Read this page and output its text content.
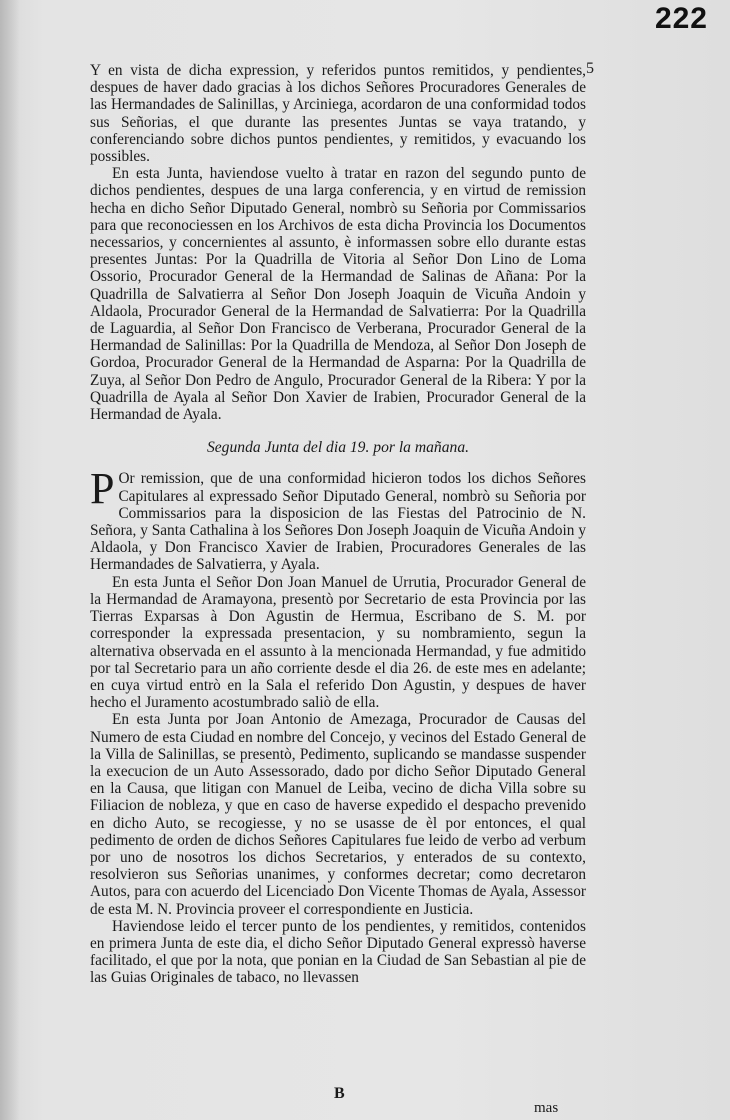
222
5

Y en vista de dicha expression, y referidos puntos remitidos, y pendientes, despues de haver dado gracias à los dichos Señores Procuradores Generales de las Hermandades de Salinillas, y Arciniega, acordaron de una conformidad todos sus Señorias, el que durante las presentes Juntas se vaya tratando, y conferenciando sobre dichos puntos pendientes, y remitidos, y evacuando los possibles.

En esta Junta, haviendose vuelto à tratar en razon del segundo punto de dichos pendientes, despues de una larga conferencia, y en virtud de remission hecha en dicho Señor Diputado General, nombrò su Señoria por Commissarios para que reconociessen en los Archivos de esta dicha Provincia los Documentos necessarios, y concernientes al assunto, è informassen sobre ello durante estas presentes Juntas: Por la Quadrilla de Vitoria al Señor Don Lino de Loma Ossorio, Procurador General de la Hermandad de Salinas de Añana: Por la Quadrilla de Salvatierra al Señor Don Joseph Joaquin de Vicuña Andoin y Aldaola, Procurador General de la Hermandad de Salvatierra: Por la Quadrilla de Laguardia, al Señor Don Francisco de Verberana, Procurador General de la Hermandad de Salinillas: Por la Quadrilla de Mendoza, al Señor Don Joseph de Gordoa, Procurador General de la Hermandad de Asparna: Por la Quadrilla de Zuya, al Señor Don Pedro de Angulo, Procurador General de la Ribera: Y por la Quadrilla de Ayala al Señor Don Xavier de Irabien, Procurador General de la Hermandad de Ayala.

Segunda Junta del dia 19. por la mañana.

P Or remission, que de una conformidad hicieron todos los dichos Señores Capitulares al expressado Señor Diputado General, nombrò su Señoria por Commissarios para la disposicion de las Fiestas del Patrocinio de N. Señora, y Santa Cathalina à los Señores Don Joseph Joaquin de Vicuña Andoin y Aldaola, y Don Francisco Xavier de Irabien, Procuradores Generales de las Hermandades de Salvatierra, y Ayala.

En esta Junta el Señor Don Joan Manuel de Urrutia, Procurador General de la Hermandad de Aramayona, presentò por Secretario de esta Provincia por las Tierras Exparsas à Don Agustin de Hermua, Escribano de S. M. por corresponder la expressada presentacion, y su nombramiento, segun la alternativa observada en el assunto à la mencionada Hermandad, y fue admitido por tal Secretario para un año corriente desde el dia 26. de este mes en adelante; en cuya virtud entrò en la Sala el referido Don Agustin, y despues de haver hecho el Juramento acostumbrado saliò de ella.

En esta Junta por Joan Antonio de Amezaga, Procurador de Causas del Numero de esta Ciudad en nombre del Concejo, y vecinos del Estado General de la Villa de Salinillas, se presentò, Pedimento, suplicando se mandasse suspender la execucion de un Auto Assessorado, dado por dicho Señor Diputado General en la Causa, que litigan con Manuel de Leiba, vecino de dicha Villa sobre su Filiacion de nobleza, y que en caso de haverse expedido el despacho prevenido en dicho Auto, se recogiesse, y no se usasse de èl por entonces, el qual pedimento de orden de dichos Señores Capitulares fue leido de verbo ad verbum por uno de nosotros los dichos Secretarios, y enterados de su contexto, resolvieron sus Señorias unanimes, y conformes decretar; como decretaron Autos, para con acuerdo del Licenciado Don Vicente Thomas de Ayala, Assessor de esta M. N. Provincia proveer el correspondiente en Justicia.

Haviendose leido el tercer punto de los pendientes, y remitidos, contenidos en primera Junta de este dia, el dicho Señor Diputado General expressò haverse facilitado, el que por la nota, que ponian en la Ciudad de San Sebastian al pie de las Guias Originales de tabaco, no llevassen

B
mas
